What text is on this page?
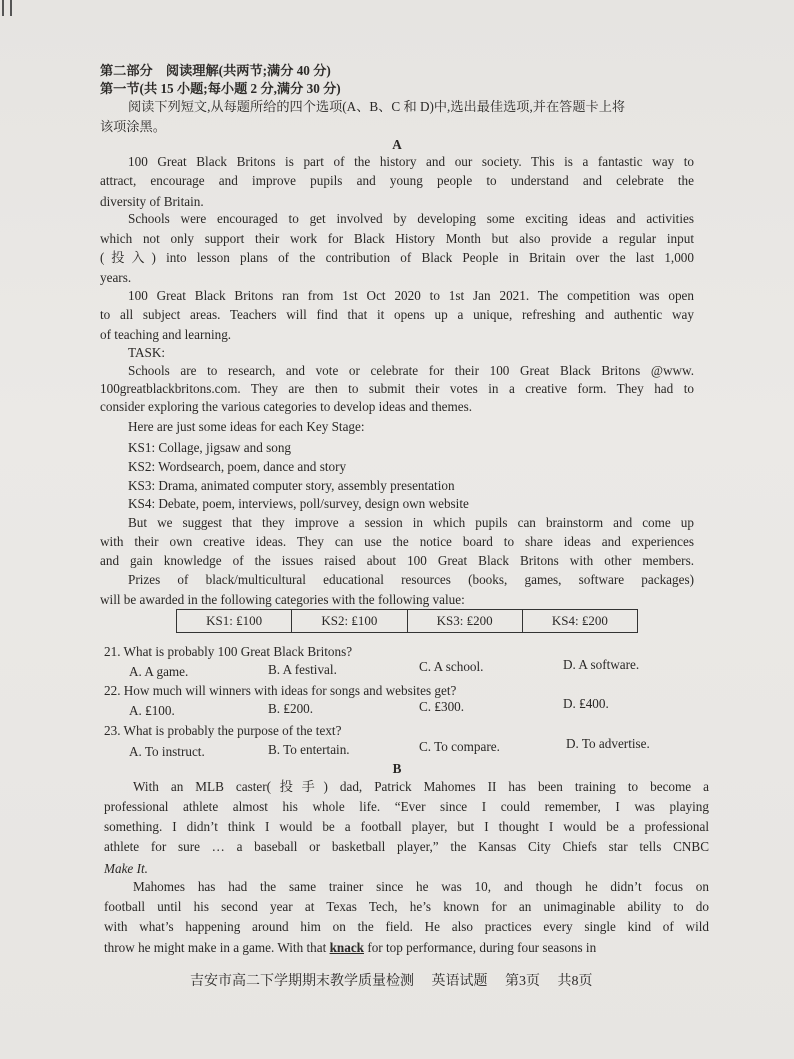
第二部分　阅读理解(共两节;满分 40 分)
第一节(共 15 小题;每小题 2 分,满分 30 分)
阅读下列短文,从每题所给的四个选项(A、B、C 和 D)中,选出最佳选项,并在答题卡上将
该项涂黑。
A
100 Great Black Britons is part of the history and our society. This is a fantastic way to
attract, encourage and improve pupils and young people to understand and celebrate the
diversity of Britain.
Schools were encouraged to get involved by developing some exciting ideas and activities
which not only support their work for Black History Month but also provide a regular input
(投入) into lesson plans of the contribution of Black People in Britain over the last 1,000
years.
100 Great Black Britons ran from 1st Oct 2020 to 1st Jan 2021. The competition was open
to all subject areas. Teachers will find that it opens up a unique, refreshing and authentic way
of teaching and learning.
TASK:
Schools are to research, and vote or celebrate for their 100 Great Black Britons @www.
100greatblackbritons.com. They are then to submit their votes in a creative form. They had to
consider exploring the various categories to develop ideas and themes.
Here are just some ideas for each Key Stage:
KS1: Collage, jigsaw and song
KS2: Wordsearch, poem, dance and story
KS3: Drama, animated computer story, assembly presentation
KS4: Debate, poem, interviews, poll/survey, design own website
But we suggest that they improve a session in which pupils can brainstorm and come up
with their own creative ideas. They can use the notice board to share ideas and experiences
and gain knowledge of the issues raised about 100 Great Black Britons with other members.
Prizes of black/multicultural educational resources (books, games, software packages)
will be awarded in the following categories with the following value:
KS1: ₤100	KS2: ₤100	KS3: ₤200	KS4: ₤200
21. What is probably 100 Great Black Britons?
A. A game.	B. A festival.	C. A school.	D. A software.
22. How much will winners with ideas for songs and websites get?
A. ₤100.	B. ₤200.	C. ₤300.	D. ₤400.
23. What is probably the purpose of the text?
A. To instruct.	B. To entertain.	C. To compare.	D. To advertise.
B
With an MLB caster(投手) dad, Patrick Mahomes II has been training to become a
professional athlete almost his whole life. “Ever since I could remember, I was playing
something. I didn’t think I would be a football player, but I thought I would be a professional
athlete for sure … a baseball or basketball player,” the Kansas City Chiefs star tells CNBC
Make It.
Mahomes has had the same trainer since he was 10, and though he didn’t focus on
football until his second year at Texas Tech, he’s known for an unimaginable ability to do
with what’s happening around him on the field. He also practices every single kind of wild
throw he might make in a game. With that knack for top performance, during four seasons in
吉安市高二下学期期末教学质量检测 英语试题 第3页 共8页
